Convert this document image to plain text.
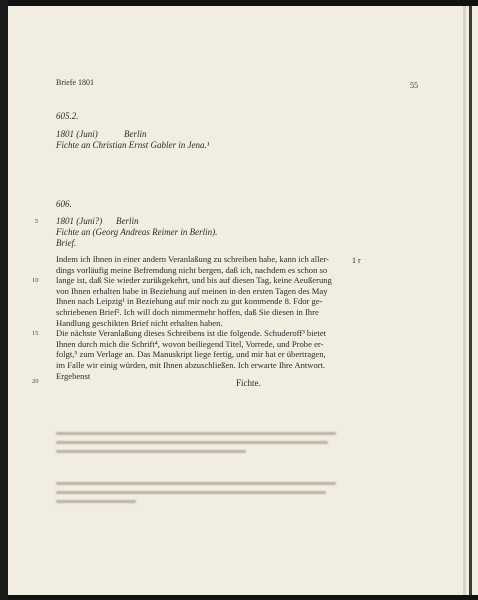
Briefe 1801	55
605.2.
1801 (Juni)	Berlin
Fichte an Christian Ernst Gabler in Jena.¹
606.
5 1801 (Juni?) Berlin
Fichte an (Georg Andreas Reimer in Berlin).
Brief.
1 r
10
15
20
Indem ich Ihnen in einer andern Veranlaßung zu schreiben habe, kann ich aller-
dings vorläufig meine Befremdung nicht bergen, daß ich, nachdem es schon so
lange ist, daß Sie wieder zurükgekehrt, und bis auf diesen Tag, keine Aeußerung
von Ihnen erhalten habe in Beziehung auf meinen in den ersten Tagen des May
Ihnen nach Leipzig¹ in Beziehung auf mir noch zu gut kommende 8. Fdor ge-
schriebenen Brief². Ich will doch nimmermehr hoffen, daß Sie diesen in Ihre
Handlung geschikten Brief nicht erhalten haben.
Die nächste Veranlaßung dieses Schreibens ist die folgende. Schuderoff³ bietet
Ihnen durch mich die Schrift⁴, wovon beiliegend Titel, Vorrede, und Probe er-
folgt,⁵ zum Verlage an. Das Manuskript liege fertig, und mir hat er übertragen,
im Falle wir einig würden, mit Ihnen abzuschließen. Ich erwarte Ihre Antwort.
Ergebenst
Fichte.
